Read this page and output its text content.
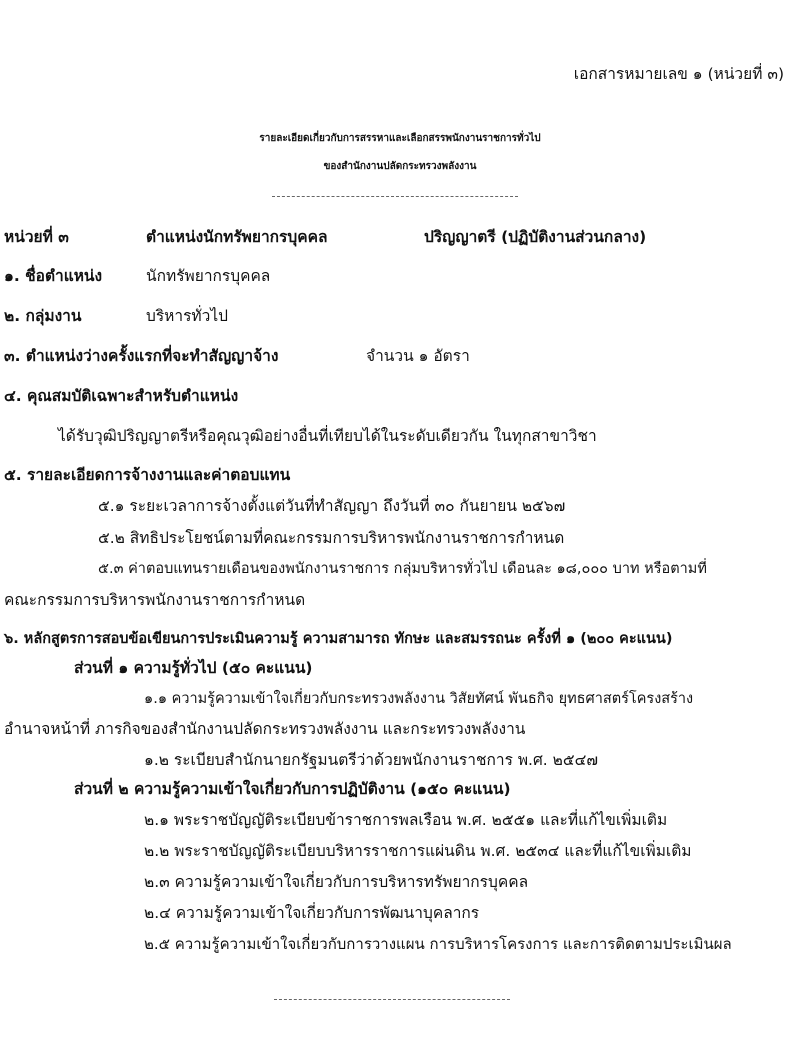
เอกสารหมายเลข ๑ (หน่วยที่ ๓)
รายละเอียดเกี่ยวกับการสรรหาและเลือกสรรพนักงานราชการทั่วไป
ของสำนักงานปลัดกระทรวงพลังงาน
หน่วยที่ ๓	ตำแหน่งนักทรัพยากรบุคคล	ปริญญาตรี (ปฏิบัติงานส่วนกลาง)
๑. ชื่อตำแหน่ง	นักทรัพยากรบุคคล
๒. กลุ่มงาน	บริหารทั่วไป
๓. ตำแหน่งว่างครั้งแรกที่จะทำสัญญาจ้าง	จำนวน ๑ อัตรา
๔. คุณสมบัติเฉพาะสำหรับตำแหน่ง
ได้รับวุฒิปริญญาตรีหรือคุณวุฒิอย่างอื่นที่เทียบได้ในระดับเดียวกัน ในทุกสาขาวิชา
๕. รายละเอียดการจ้างงานและค่าตอบแทน
๕.๑ ระยะเวลาการจ้างตั้งแต่วันที่ทำสัญญา ถึงวันที่ ๓๐ กันยายน ๒๕๖๗
๕.๒ สิทธิประโยชน์ตามที่คณะกรรมการบริหารพนักงานราชการกำหนด
๕.๓ ค่าตอบแทนรายเดือนของพนักงานราชการ กลุ่มบริหารทั่วไป เดือนละ ๑๘,๐๐๐ บาท หรือตามที่
คณะกรรมการบริหารพนักงานราชการกำหนด
๖. หลักสูตรการสอบข้อเขียนการประเมินความรู้ ความสามารถ ทักษะ และสมรรถนะ ครั้งที่ ๑ (๒๐๐ คะแนน)
ส่วนที่ ๑ ความรู้ทั่วไป (๕๐ คะแนน)
๑.๑ ความรู้ความเข้าใจเกี่ยวกับกระทรวงพลังงาน วิสัยทัศน์ พันธกิจ ยุทธศาสตร์โครงสร้าง
อำนาจหน้าที่ ภารกิจของสำนักงานปลัดกระทรวงพลังงาน และกระทรวงพลังงาน
๑.๒ ระเบียบสำนักนายกรัฐมนตรีว่าด้วยพนักงานราชการ พ.ศ. ๒๕๔๗
ส่วนที่ ๒ ความรู้ความเข้าใจเกี่ยวกับการปฏิบัติงาน (๑๕๐ คะแนน)
๒.๑ พระราชบัญญัติระเบียบข้าราชการพลเรือน พ.ศ. ๒๕๕๑ และที่แก้ไขเพิ่มเติม
๒.๒ พระราชบัญญัติระเบียบบริหารราชการแผ่นดิน พ.ศ. ๒๕๓๔ และที่แก้ไขเพิ่มเติม
๒.๓ ความรู้ความเข้าใจเกี่ยวกับการบริหารทรัพยากรบุคคล
๒.๔ ความรู้ความเข้าใจเกี่ยวกับการพัฒนาบุคลากร
๒.๕ ความรู้ความเข้าใจเกี่ยวกับการวางแผน การบริหารโครงการ และการติดตามประเมินผล
